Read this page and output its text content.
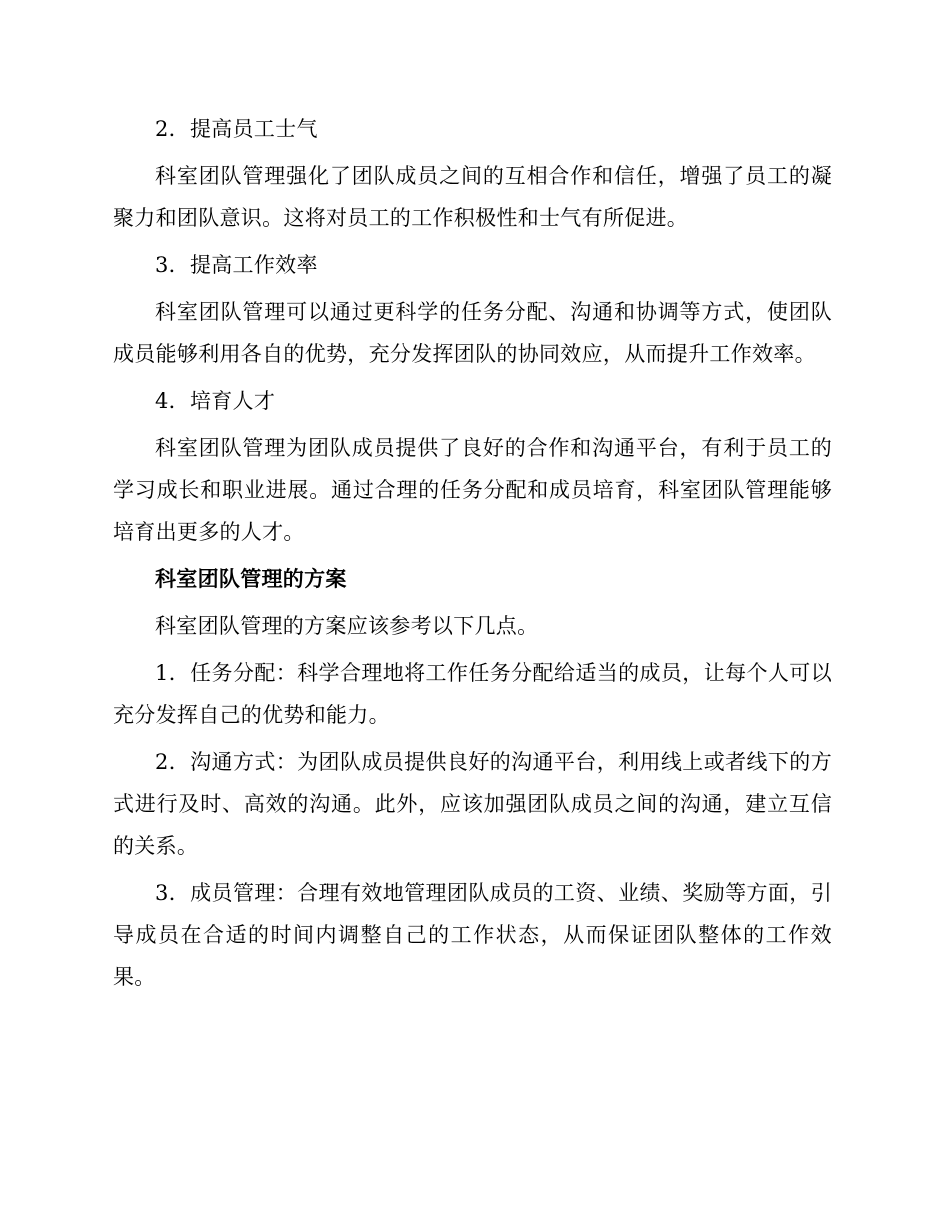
2．提高员工士气

科室团队管理强化了团队成员之间的互相合作和信任，增强了员工的凝聚力和团队意识。这将对员工的工作积极性和士气有所促进。

3．提高工作效率

科室团队管理可以通过更科学的任务分配、沟通和协调等方式，使团队成员能够利用各自的优势，充分发挥团队的协同效应，从而提升工作效率。

4．培育人才

科室团队管理为团队成员提供了良好的合作和沟通平台，有利于员工的学习成长和职业进展。通过合理的任务分配和成员培育，科室团队管理能够培育出更多的人才。

科室团队管理的方案

科室团队管理的方案应该参考以下几点。

1．任务分配：科学合理地将工作任务分配给适当的成员，让每个人可以充分发挥自己的优势和能力。

2．沟通方式：为团队成员提供良好的沟通平台，利用线上或者线下的方式进行及时、高效的沟通。此外，应该加强团队成员之间的沟通，建立互信的关系。

3．成员管理：合理有效地管理团队成员的工资、业绩、奖励等方面，引导成员在合适的时间内调整自己的工作状态，从而保证团队整体的工作效果。
